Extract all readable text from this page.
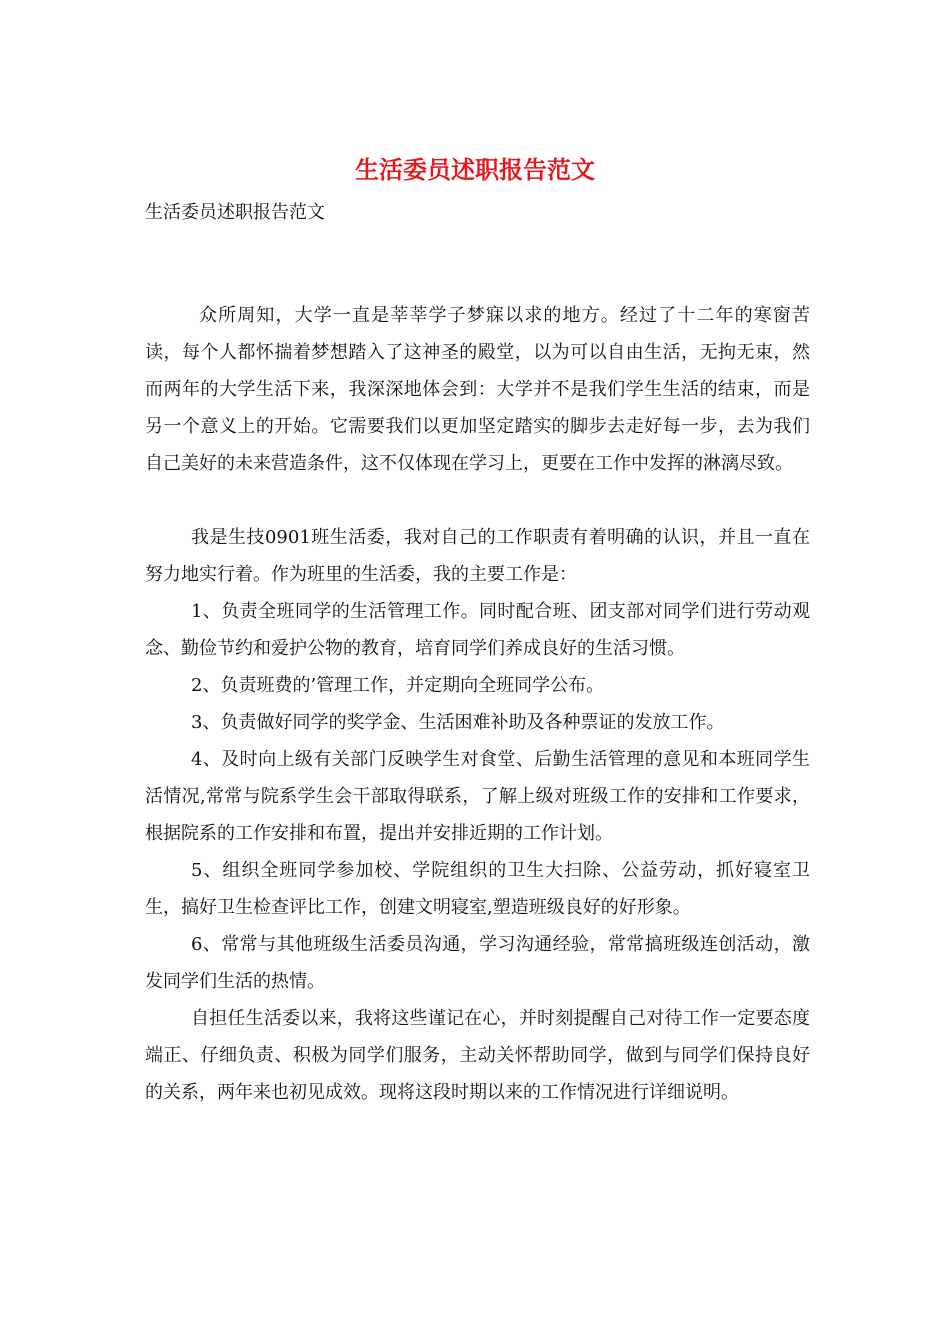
生活委员述职报告范文
生活委员述职报告范文

众所周知，大学一直是莘莘学子梦寐以求的地方。经过了十二年的寒窗苦读，每个人都怀揣着梦想踏入了这神圣的殿堂，以为可以自由生活，无拘无束，然而两年的大学生活下来，我深深地体会到：大学并不是我们学生生活的结束，而是另一个意义上的开始。它需要我们以更加坚定踏实的脚步去走好每一步，去为我们自己美好的未来营造条件，这不仅体现在学习上，更要在工作中发挥的淋漓尽致。

我是生技0901班生活委，我对自己的工作职责有着明确的认识，并且一直在努力地实行着。作为班里的生活委，我的主要工作是：

1、负责全班同学的生活管理工作。同时配合班、团支部对同学们进行劳动观念、勤俭节约和爱护公物的教育，培育同学们养成良好的生活习惯。

2、负责班费的’管理工作，并定期向全班同学公布。

3、负责做好同学的奖学金、生活困难补助及各种票证的发放工作。

4、及时向上级有关部门反映学生对食堂、后勤生活管理的意见和本班同学生活情况,常常与院系学生会干部取得联系，了解上级对班级工作的安排和工作要求，根据院系的工作安排和布置，提出并安排近期的工作计划。

5、组织全班同学参加校、学院组织的卫生大扫除、公益劳动，抓好寝室卫生，搞好卫生检查评比工作，创建文明寝室,塑造班级良好的好形象。

6、常常与其他班级生活委员沟通，学习沟通经验，常常搞班级连创活动，激发同学们生活的热情。

自担任生活委以来，我将这些谨记在心，并时刻提醒自己对待工作一定要态度端正、仔细负责、积极为同学们服务，主动关怀帮助同学，做到与同学们保持良好的关系，两年来也初见成效。现将这段时期以来的工作情况进行详细说明。
